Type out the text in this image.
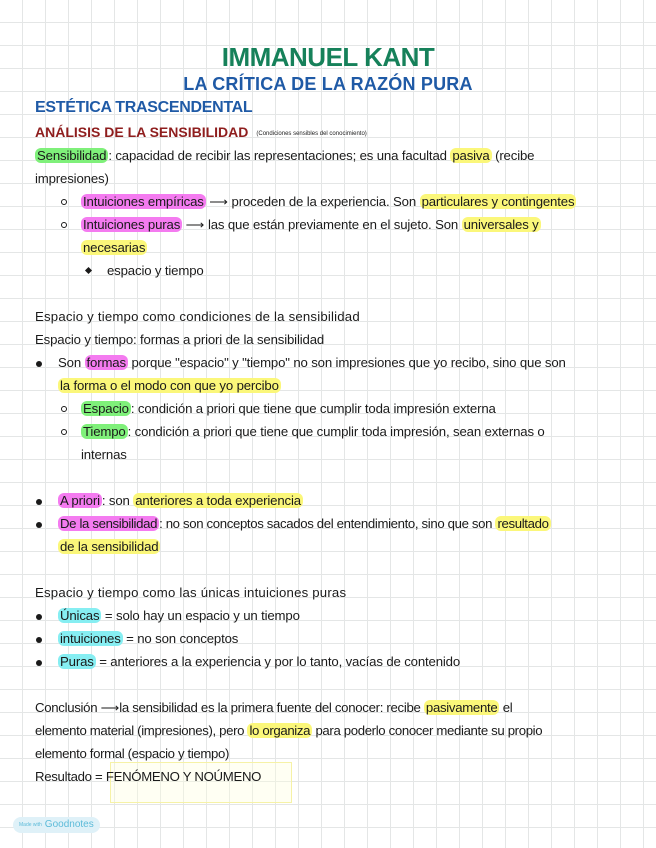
IMMANUEL KANT
LA CRÍTICA DE LA RAZÓN PURA
ESTÉTICA TRASCENDENTAL
ANÁLISIS DE LA SENSIBILIDAD (Condiciones sensibles del conocimiento)
Sensibilidad : capacidad de recibir las representaciones; es una facultad pasiva (recibe
impresiones)
Intuiciones empíricas ⟶ proceden de la experiencia. Son particulares y contingentes
Intuiciones puras ⟶ las que están previamente en el sujeto. Son universales y
necesarias
espacio y tiempo
Espacio y tiempo como condiciones de la sensibilidad
Espacio y tiempo: formas a priori de la sensibilidad
Son formas porque "espacio" y "tiempo" no son impresiones que yo recibo, sino que son
la forma o el modo con que yo percibo
Espacio : condición a priori que tiene que cumplir toda impresión externa
Tiempo : condición a priori que tiene que cumplir toda impresión, sean externas o
internas
A priori : son anteriores a toda experiencia
De la sensibilidad : no son conceptos sacados del entendimiento, sino que son resultado
de la sensibilidad
Espacio y tiempo como las únicas intuiciones puras
Únicas = solo hay un espacio y un tiempo
intuiciones = no son conceptos
Puras = anteriores a la experiencia y por lo tanto, vacías de contenido
Conclusión ⟶la sensibilidad es la primera fuente del conocer: recibe pasivamente el
elemento material (impresiones), pero lo organiza para poderlo conocer mediante su propio
elemento formal (espacio y tiempo)
Resultado = FENÓMENO Y NOÚMENO
Made with Goodnotes
